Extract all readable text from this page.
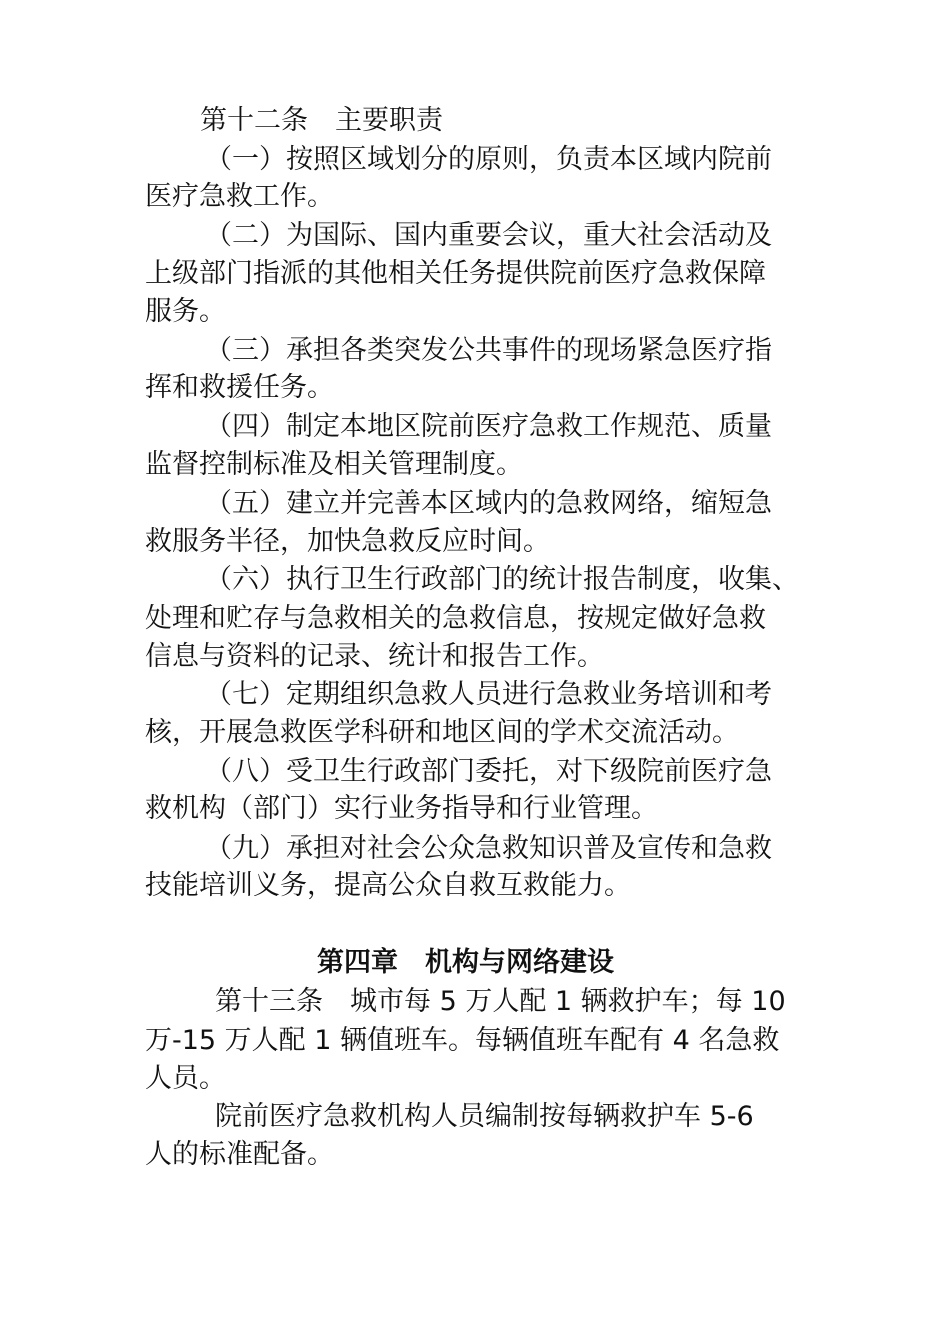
第十二条　主要职责
（一）按照区域划分的原则，负责本区域内院前
医疗急救工作。
（二）为国际、国内重要会议，重大社会活动及
上级部门指派的其他相关任务提供院前医疗急救保障
服务。
（三）承担各类突发公共事件的现场紧急医疗指
挥和救援任务。
（四）制定本地区院前医疗急救工作规范、质量
监督控制标准及相关管理制度。
（五）建立并完善本区域内的急救网络，缩短急
救服务半径，加快急救反应时间。
（六）执行卫生行政部门的统计报告制度，收集、
处理和贮存与急救相关的急救信息，按规定做好急救
信息与资料的记录、统计和报告工作。
（七）定期组织急救人员进行急救业务培训和考
核，开展急救医学科研和地区间的学术交流活动。
（八）受卫生行政部门委托，对下级院前医疗急
救机构（部门）实行业务指导和行业管理。
（九）承担对社会公众急救知识普及宣传和急救
技能培训义务，提高公众自救互救能力。
第四章　机构与网络建设
第十三条　城市每 5 万人配 1 辆救护车；每 10
万-15 万人配 1 辆值班车。每辆值班车配有 4 名急救
人员。
院前医疗急救机构人员编制按每辆救护车 5-6
人的标准配备。
